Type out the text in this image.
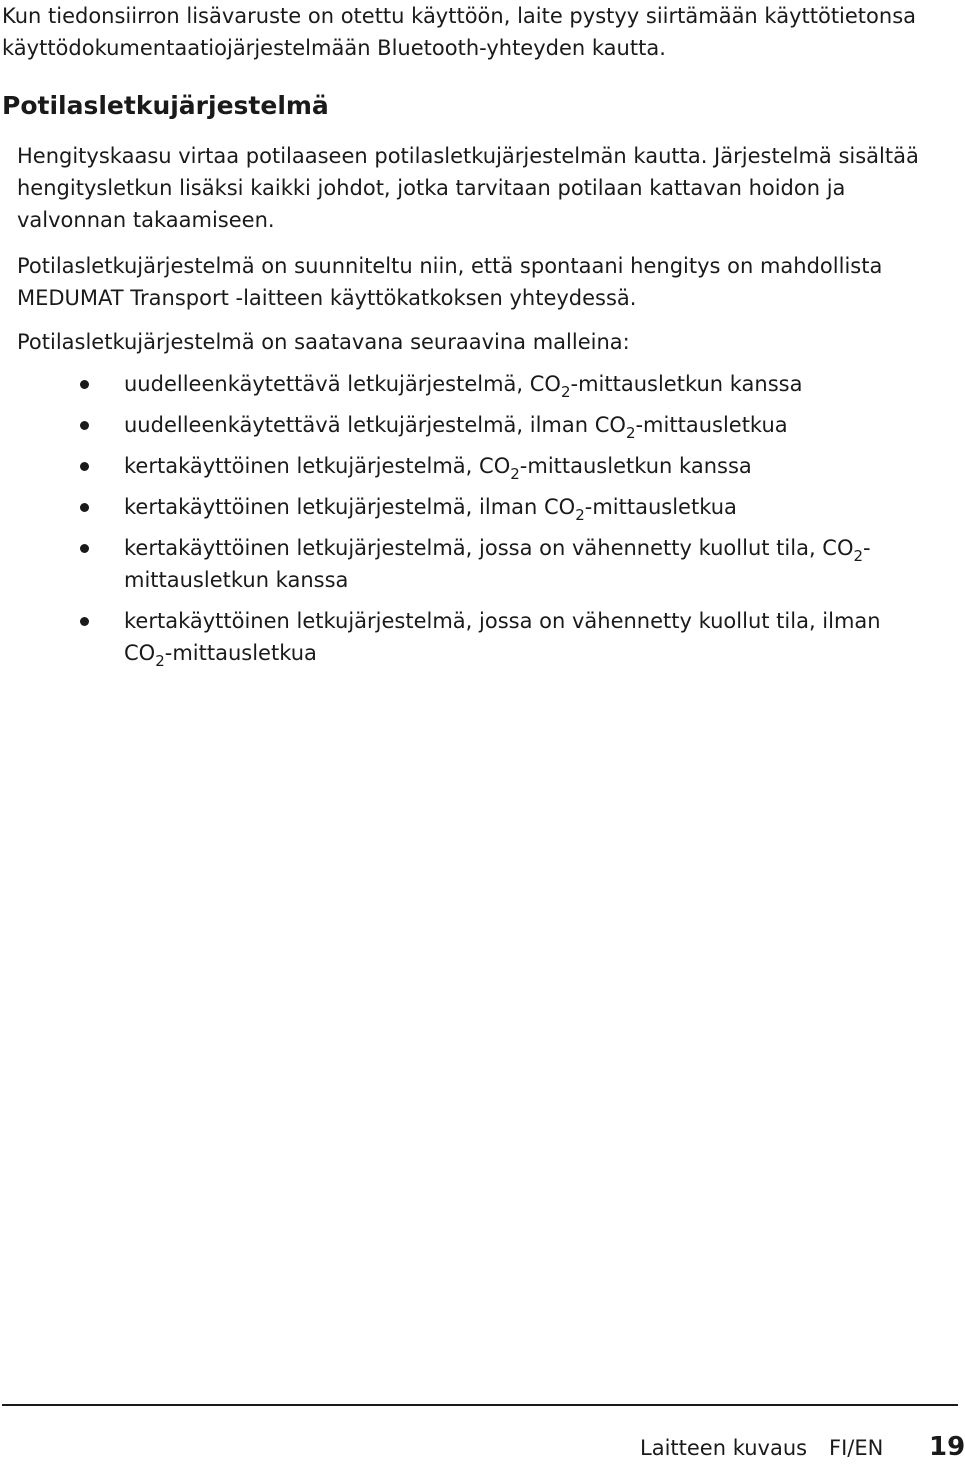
Kun tiedonsiirron lisävaruste on otettu käyttöön, laite pystyy siirtämään käyttötietonsa käyttödokumentaatiojärjestelmään Bluetooth-yhteyden kautta.

Potilasletkujärjestelmä

Hengityskaasu virtaa potilaaseen potilasletkujärjestelmän kautta. Järjestelmä sisältää hengitysletkun lisäksi kaikki johdot, jotka tarvitaan potilaan kattavan hoidon ja valvonnan takaamiseen.

Potilasletkujärjestelmä on suunniteltu niin, että spontaani hengitys on mahdollista MEDUMAT Transport -laitteen käyttökatkoksen yhteydessä.

Potilasletkujärjestelmä on saatavana seuraavina malleina:

uudelleenkäytettävä letkujärjestelmä, $CO_2$-mittausletkun kanssa
uudelleenkäytettävä letkujärjestelmä, ilman $CO_2$-mittausletkua
kertakäyttöinen letkujärjestelmä, $CO_2$-mittausletkun kanssa
kertakäyttöinen letkujärjestelmä, ilman $CO_2$-mittausletkua
kertakäyttöinen letkujärjestelmä, jossa on vähennetty kuollut tila, $CO_2$-mittausletkun kanssa
kertakäyttöinen letkujärjestelmä, jossa on vähennetty kuollut tila, ilman $CO_2$-mittausletkua
Laitteen kuvaus FI/EN 19
